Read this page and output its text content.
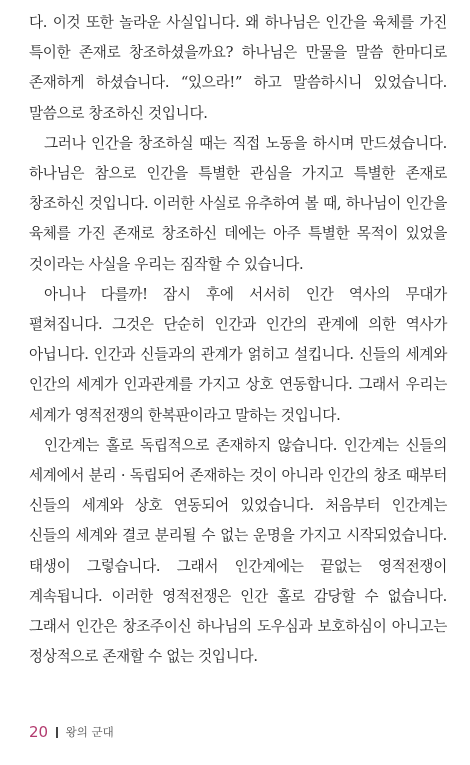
다. 이것 또한 놀라운 사실입니다. 왜 하나님은 인간을 육체를 가진 특이한 존재로 창조하셨을까요? 하나님은 만물을 말씀 한마디로 존재하게 하셨습니다. “있으라!” 하고 말씀하시니 있었습니다. 말씀으로 창조하신 것입니다.

그러나 인간을 창조하실 때는 직접 노동을 하시며 만드셨습니다. 하나님은 참으로 인간을 특별한 관심을 가지고 특별한 존재로 창조하신 것입니다. 이러한 사실로 유추하여 볼 때, 하나님이 인간을 육체를 가진 존재로 창조하신 데에는 아주 특별한 목적이 있었을 것이라는 사실을 우리는 짐작할 수 있습니다.

아니나 다를까! 잠시 후에 서서히 인간 역사의 무대가 펼쳐집니다. 그것은 단순히 인간과 인간의 관계에 의한 역사가 아닙니다. 인간과 신들과의 관계가 얽히고 설킵니다. 신들의 세계와 인간의 세계가 인과관계를 가지고 상호 연동합니다. 그래서 우리는 세계가 영적전쟁의 한복판이라고 말하는 것입니다.

인간계는 홀로 독립적으로 존재하지 않습니다. 인간계는 신들의 세계에서 분리 · 독립되어 존재하는 것이 아니라 인간의 창조 때부터 신들의 세계와 상호 연동되어 있었습니다. 처음부터 인간계는 신들의 세계와 결코 분리될 수 없는 운명을 가지고 시작되었습니다. 태생이 그렇습니다. 그래서 인간계에는 끝없는 영적전쟁이 계속됩니다. 이러한 영적전쟁은 인간 홀로 감당할 수 없습니다. 그래서 인간은 창조주이신 하나님의 도우심과 보호하심이 아니고는 정상적으로 존재할 수 없는 것입니다.

20 왕의 군대
